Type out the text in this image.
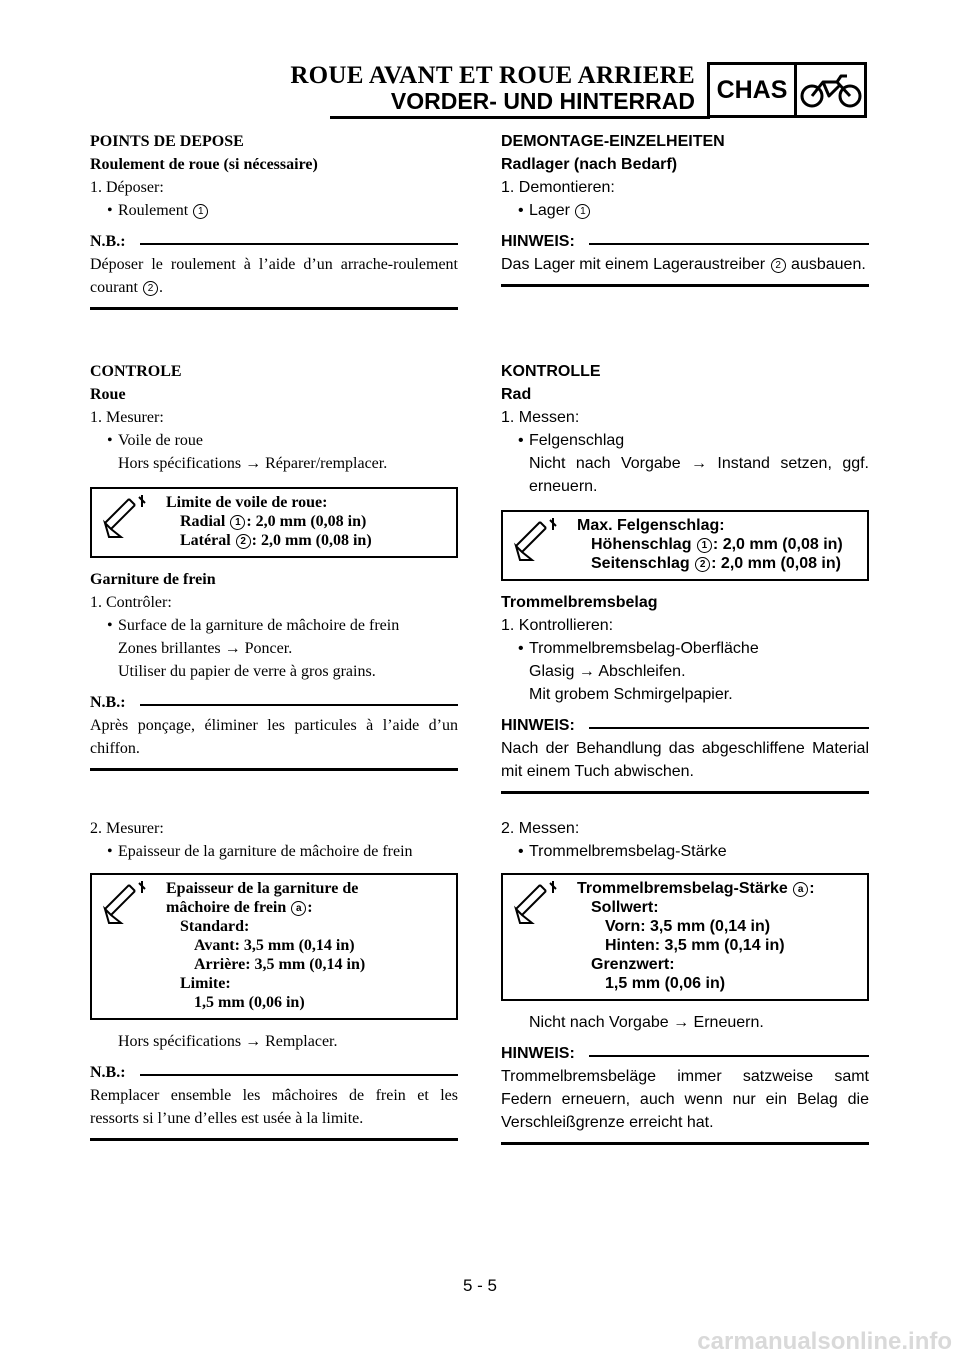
ROUE AVANT ET ROUE ARRIERE
VORDER- UND HINTERRAD CHAS
POINTS DE DEPOSE
Roulement de roue (si nécessaire)
1. Déposer:
• Roulement 1
N.B.:
Déposer le roulement à l’aide d’un arrache-roulement courant 2 .
CONTROLE
Roue
1. Mesurer:
• Voile de roue
Hors spécifications → Réparer/remplacer.
Limite de voile de roue:
Radial 1 : 2,0 mm (0,08 in)
Latéral 2 : 2,0 mm (0,08 in)
Garniture de frein
1. Contrôler:
• Surface de la garniture de mâchoire de frein
Zones brillantes → Poncer.
Utiliser du papier de verre à gros grains.
N.B.:
Après ponçage, éliminer les particules à l’aide d’un chiffon.
2. Mesurer:
• Epaisseur de la garniture de mâchoire de frein
Epaisseur de la garniture de
mâchoire de frein a :
Standard:
Avant: 3,5 mm (0,14 in)
Arrière: 3,5 mm (0,14 in)
Limite:
1,5 mm (0,06 in)
Hors spécifications → Remplacer.
N.B.:
Remplacer ensemble les mâchoires de frein et les ressorts si l’une d’elles est usée à la limite.
DEMONTAGE-EINZELHEITEN
Radlager (nach Bedarf)
1. Demontieren:
• Lager 1
HINWEIS:
Das Lager mit einem Lageraustreiber 2 ausbauen.
KONTROLLE
Rad
1. Messen:
• Felgenschlag
Nicht nach Vorgabe → Instand setzen, ggf. erneuern.
Max. Felgenschlag:
Höhenschlag 1 : 2,0 mm (0,08 in)
Seitenschlag 2 : 2,0 mm (0,08 in)
Trommelbremsbelag
1. Kontrollieren:
• Trommelbremsbelag-Oberfläche
Glasig → Abschleifen.
Mit grobem Schmirgelpapier.
HINWEIS:
Nach der Behandlung das abgeschliffene Material mit einem Tuch abwischen.
2. Messen:
• Trommelbremsbelag-Stärke
Trommelbremsbelag-Stärke a :
Sollwert:
Vorn: 3,5 mm (0,14 in)
Hinten: 3,5 mm (0,14 in)
Grenzwert:
1,5 mm (0,06 in)
Nicht nach Vorgabe → Erneuern.
HINWEIS:
Trommelbremsbeläge immer satzweise samt Federn erneuern, auch wenn nur ein Belag die Verschleißgrenze erreicht hat.
5 - 5
carmanualsonline.info
